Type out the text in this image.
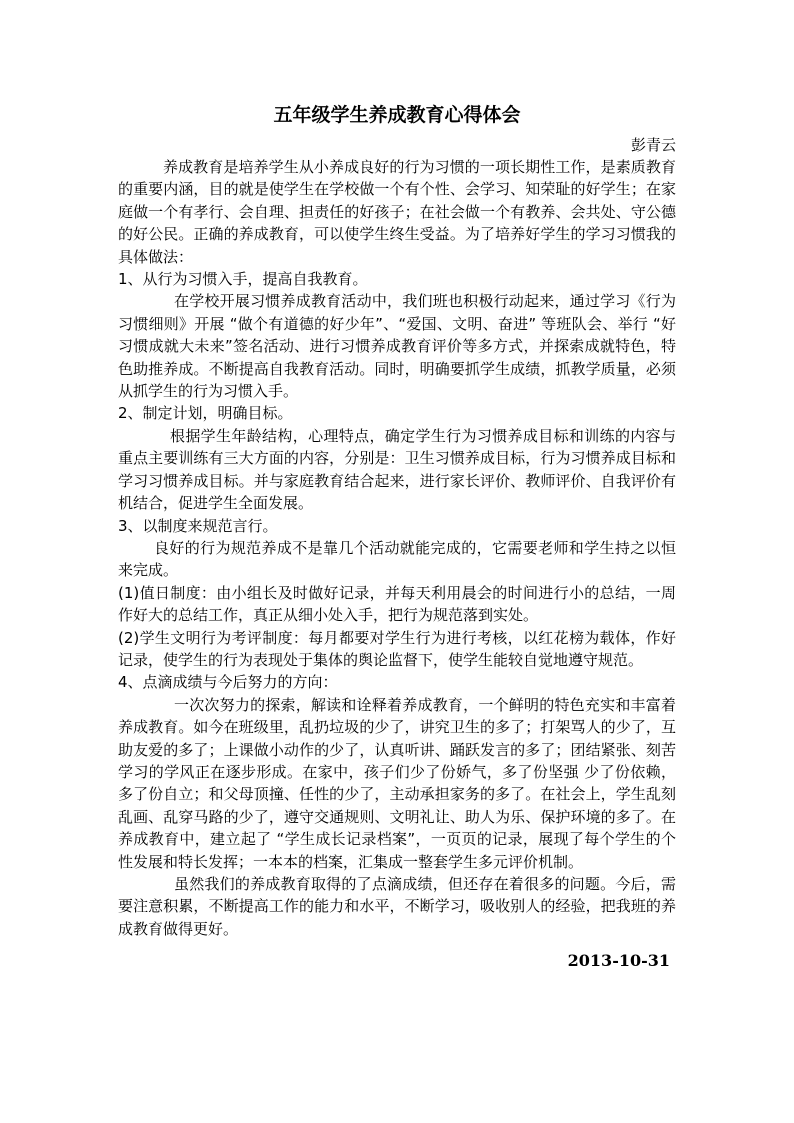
五年级学生养成教育心得体会

彭青云

养成教育是培养学生从小养成良好的行为习惯的一项长期性工作，是素质教育的重要内涵，目的就是使学生在学校做一个有个性、会学习、知荣耻的好学生；在家庭做一个有孝行、会自理、担责任的好孩子；在社会做一个有教养、会共处、守公德的好公民。正确的养成教育，可以使学生终生受益。为了培养好学生的学习习惯我的具体做法：

1、从行为习惯入手，提高自我教育。

在学校开展习惯养成教育活动中，我们班也积极行动起来，通过学习《行为习惯细则》开展 “做个有道德的好少年”、“爱国、文明、奋进” 等班队会、举行 “好习惯成就大未来”签名活动、进行习惯养成教育评价等多方式，并探索成就特色，特色助推养成。不断提高自我教育活动。同时，明确要抓学生成绩，抓教学质量，必须从抓学生的行为习惯入手。

2、制定计划，明确目标。

根据学生年龄结构，心理特点，确定学生行为习惯养成目标和训练的内容与重点主要训练有三大方面的内容，分别是：卫生习惯养成目标，行为习惯养成目标和学习习惯养成目标。并与家庭教育结合起来，进行家长评价、教师评价、自我评价有机结合，促进学生全面发展。

3、以制度来规范言行。

良好的行为规范养成不是靠几个活动就能完成的，它需要老师和学生持之以恒来完成。

(1)值日制度：由小组长及时做好记录，并每天利用晨会的时间进行小的总结，一周作好大的总结工作，真正从细小处入手，把行为规范落到实处。

(2)学生文明行为考评制度：每月都要对学生行为进行考核，以红花榜为载体，作好记录，使学生的行为表现处于集体的舆论监督下，使学生能较自觉地遵守规范。

4、点滴成绩与今后努力的方向：

一次次努力的探索，解读和诠释着养成教育，一个鲜明的特色充实和丰富着养成教育。如今在班级里，乱扔垃圾的少了，讲究卫生的多了；打架骂人的少了，互助友爱的多了；上课做小动作的少了，认真听讲、踊跃发言的多了；团结紧张、刻苦学习的学风正在逐步形成。在家中，孩子们少了份娇气，多了份坚强 少了份依赖，多了份自立；和父母顶撞、任性的少了，主动承担家务的多了。在社会上，学生乱刻乱画、乱穿马路的少了，遵守交通规则、文明礼让、助人为乐、保护环境的多了。在养成教育中，建立起了 “学生成长记录档案”，一页页的记录，展现了每个学生的个性发展和特长发挥；一本本的档案，汇集成一整套学生多元评价机制。

虽然我们的养成教育取得的了点滴成绩，但还存在着很多的问题。今后，需要注意积累，不断提高工作的能力和水平，不断学习，吸收别人的经验，把我班的养成教育做得更好。

2013-10-31
